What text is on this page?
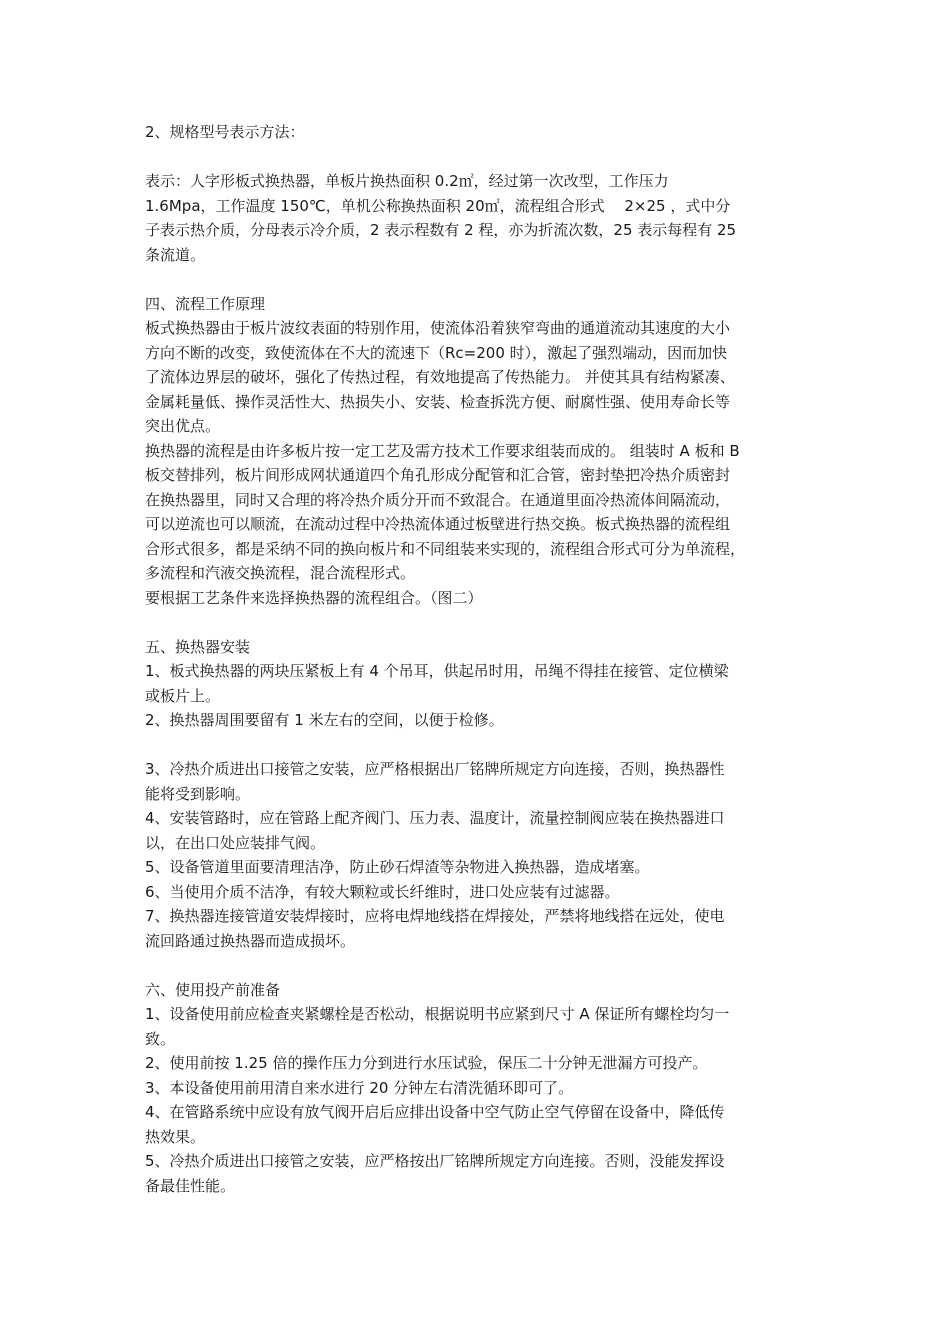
2、规格型号表示方法：
表示：人字形板式换热器，单板片换热面积 0.2㎡，经过第一次改型，工作压力
1.6Mpa，工作温度 150℃，单机公称换热面积 20㎡，流程组合形式　 2×25 ，式中分
子表示热介质，分母表示冷介质，2 表示程数有 2 程，亦为折流次数，25 表示每程有 25
条流道。
四、流程工作原理
板式换热器由于板片波纹表面的特别作用，使流体沿着狭窄弯曲的通道流动其速度的大小
方向不断的改变，致使流体在不大的流速下（Rc=200 时），激起了强烈端动，因而加快
了流体边界层的破坏，强化了传热过程，有效地提高了传热能力。 并使其具有结构紧凑、
金属耗量低、操作灵活性大、热损失小、安装、检查拆洗方便、耐腐性强、使用寿命长等
突出优点。
换热器的流程是由许多板片按一定工艺及需方技术工作要求组装而成的。 组装时 A 板和 B
板交替排列，板片间形成网状通道四个角孔形成分配管和汇合管，密封垫把冷热介质密封
在换热器里，同时又合理的将冷热介质分开而不致混合。在通道里面冷热流体间隔流动，
可以逆流也可以顺流，在流动过程中冷热流体通过板壁进行热交换。板式换热器的流程组
合形式很多，都是采纳不同的换向板片和不同组装来实现的，流程组合形式可分为单流程，
多流程和汽液交换流程，混合流程形式。
要根据工艺条件来选择换热器的流程组合。（图二）
五、换热器安装
1、板式换热器的两块压紧板上有 4 个吊耳，供起吊时用，吊绳不得挂在接管、定位横梁
或板片上。
2、换热器周围要留有 1 米左右的空间，以便于检修。
3、冷热介质进出口接管之安装，应严格根据出厂铭牌所规定方向连接，否则，换热器性
能将受到影响。
4、安装管路时，应在管路上配齐阀门、压力表、温度计，流量控制阀应装在换热器进口
以，在出口处应装排气阀。
5、设备管道里面要清理洁净，防止砂石焊渣等杂物进入换热器，造成堵塞。
6、当使用介质不洁净，有较大颗粒或长纤维时，进口处应装有过滤器。
7、换热器连接管道安装焊接时，应将电焊地线搭在焊接处，严禁将地线搭在远处，使电
流回路通过换热器而造成损坏。
六、使用投产前准备
1、设备使用前应检查夹紧螺栓是否松动，根据说明书应紧到尺寸 A 保证所有螺栓均匀一
致。
2、使用前按 1.25 倍的操作压力分到进行水压试验，保压二十分钟无泄漏方可投产。
3、本设备使用前用清自来水进行 20 分钟左右清洗循环即可了。
4、在管路系统中应设有放气阀开启后应排出设备中空气防止空气停留在设备中，降低传
热效果。
5、冷热介质进出口接管之安装，应严格按出厂铭牌所规定方向连接。否则，没能发挥设
备最佳性能。
